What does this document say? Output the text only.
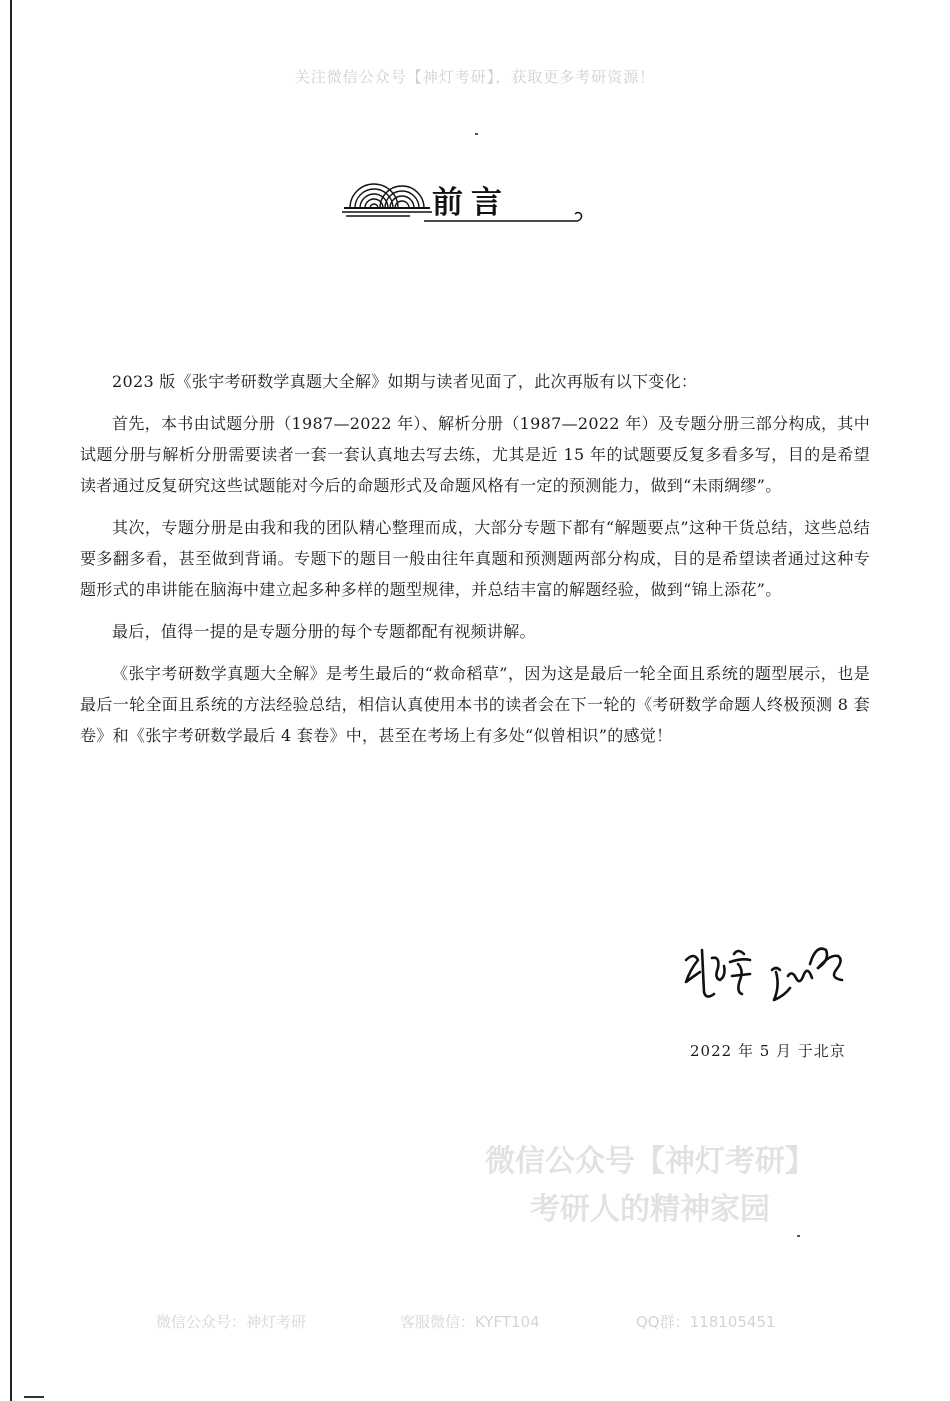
关注微信公众号【神灯考研】，获取更多考研资源！
前言

2023 版《张宇考研数学真题大全解》如期与读者见面了，此次再版有以下变化：

首先，本书由试题分册（1987—2022 年）、解析分册（1987—2022 年）及专题分册三部分构成，其中试题分册与解析分册需要读者一套一套认真地去写去练，尤其是近 15 年的试题要反复多看多写，目的是希望读者通过反复研究这些试题能对今后的命题形式及命题风格有一定的预测能力，做到“未雨绸缪”。

其次，专题分册是由我和我的团队精心整理而成，大部分专题下都有“解题要点”这种干货总结，这些总结要多翻多看，甚至做到背诵。专题下的题目一般由往年真题和预测题两部分构成，目的是希望读者通过这种专题形式的串讲能在脑海中建立起多种多样的题型规律，并总结丰富的解题经验，做到“锦上添花”。

最后，值得一提的是专题分册的每个专题都配有视频讲解。

《张宇考研数学真题大全解》是考生最后的“救命稻草”，因为这是最后一轮全面且系统的题型展示，也是最后一轮全面且系统的方法经验总结，相信认真使用本书的读者会在下一轮的《考研数学命题人终极预测 8 套卷》和《张宇考研数学最后 4 套卷》中，甚至在考场上有多处“似曾相识”的感觉！

2022 年 5 月 于北京
微信公众号【神灯考研】
考研人的精神家园
微信公众号：神灯考研	客服微信：KYFT104	QQ群：118105451
